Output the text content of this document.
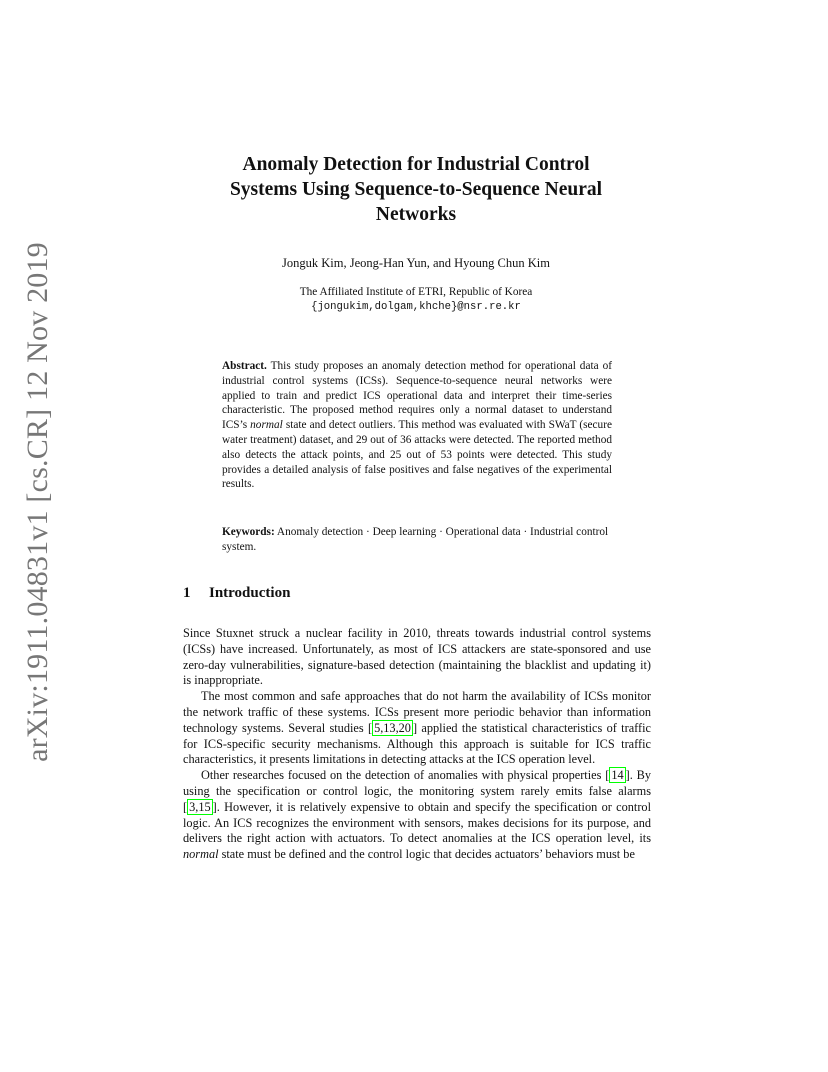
arXiv:1911.04831v1 [cs.CR] 12 Nov 2019
Anomaly Detection for Industrial Control
Systems Using Sequence-to-Sequence Neural
Networks
Jonguk Kim, Jeong-Han Yun, and Hyoung Chun Kim
The Affiliated Institute of ETRI, Republic of Korea
{jongukim,dolgam,khche}@nsr.re.kr

Abstract. This study proposes an anomaly detection method for operational data of industrial control systems (ICSs). Sequence-to-sequence neural networks were applied to train and predict ICS operational data and interpret their time-series characteristic. The proposed method requires only a normal dataset to understand ICS’s normal state and detect outliers. This method was evaluated with SWaT (secure water treatment) dataset, and 29 out of 36 attacks were detected. The reported method also detects the attack points, and 25 out of 53 points were detected. This study provides a detailed analysis of false positives and false negatives of the experimental results.

Keywords: Anomaly detection · Deep learning · Operational data · Industrial control system.

1 Introduction

Since Stuxnet struck a nuclear facility in 2010, threats towards industrial control systems (ICSs) have increased. Unfortunately, as most of ICS attackers are state-sponsored and use zero-day vulnerabilities, signature-based detection (maintaining the blacklist and updating it) is inappropriate.

The most common and safe approaches that do not harm the availability of ICSs monitor the network traffic of these systems. ICSs present more periodic behavior than information technology systems. Several studies [ 5,13,20 ] applied the statistical characteristics of traffic for ICS-specific security mechanisms. Although this approach is suitable for ICS traffic characteristics, it presents limitations in detecting attacks at the ICS operation level.

Other researches focused on the detection of anomalies with physical properties [ 14 ]. By using the specification or control logic, the monitoring system rarely emits false alarms [ 3,15 ]. However, it is relatively expensive to obtain and specify the specification or control logic. An ICS recognizes the environment with sensors, makes decisions for its purpose, and delivers the right action with actuators. To detect anomalies at the ICS operation level, its normal state must be defined and the control logic that decides actuators’ behaviors must be
